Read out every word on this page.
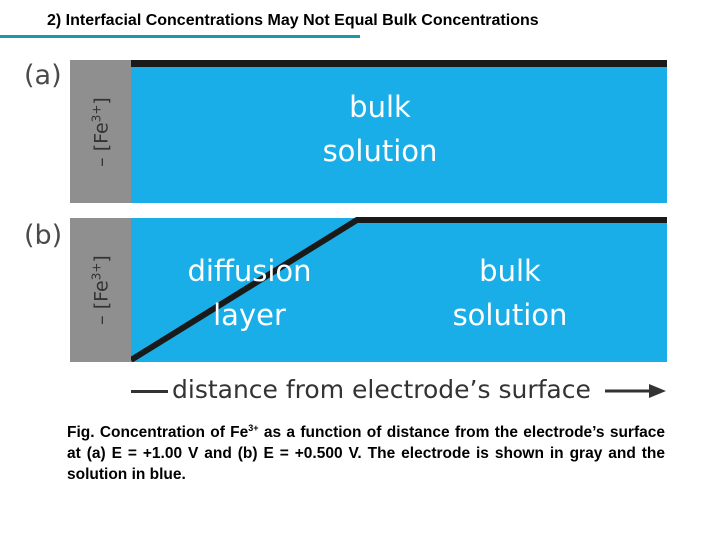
2) Interfacial Concentrations May Not Equal Bulk Concentrations
(a)
– $[Fe^{3+}]$	bulk
solution
(b)
– $[Fe^{3+}]$	diffusion
layer
bulk
solution
distance from electrode’s surface
Fig. Concentration of $Fe^{3+}$ as a function of distance from the electrode’s surface at (a) E = +1.00 V and (b) E = +0.500 V. The electrode is shown in gray and the solution in blue.
